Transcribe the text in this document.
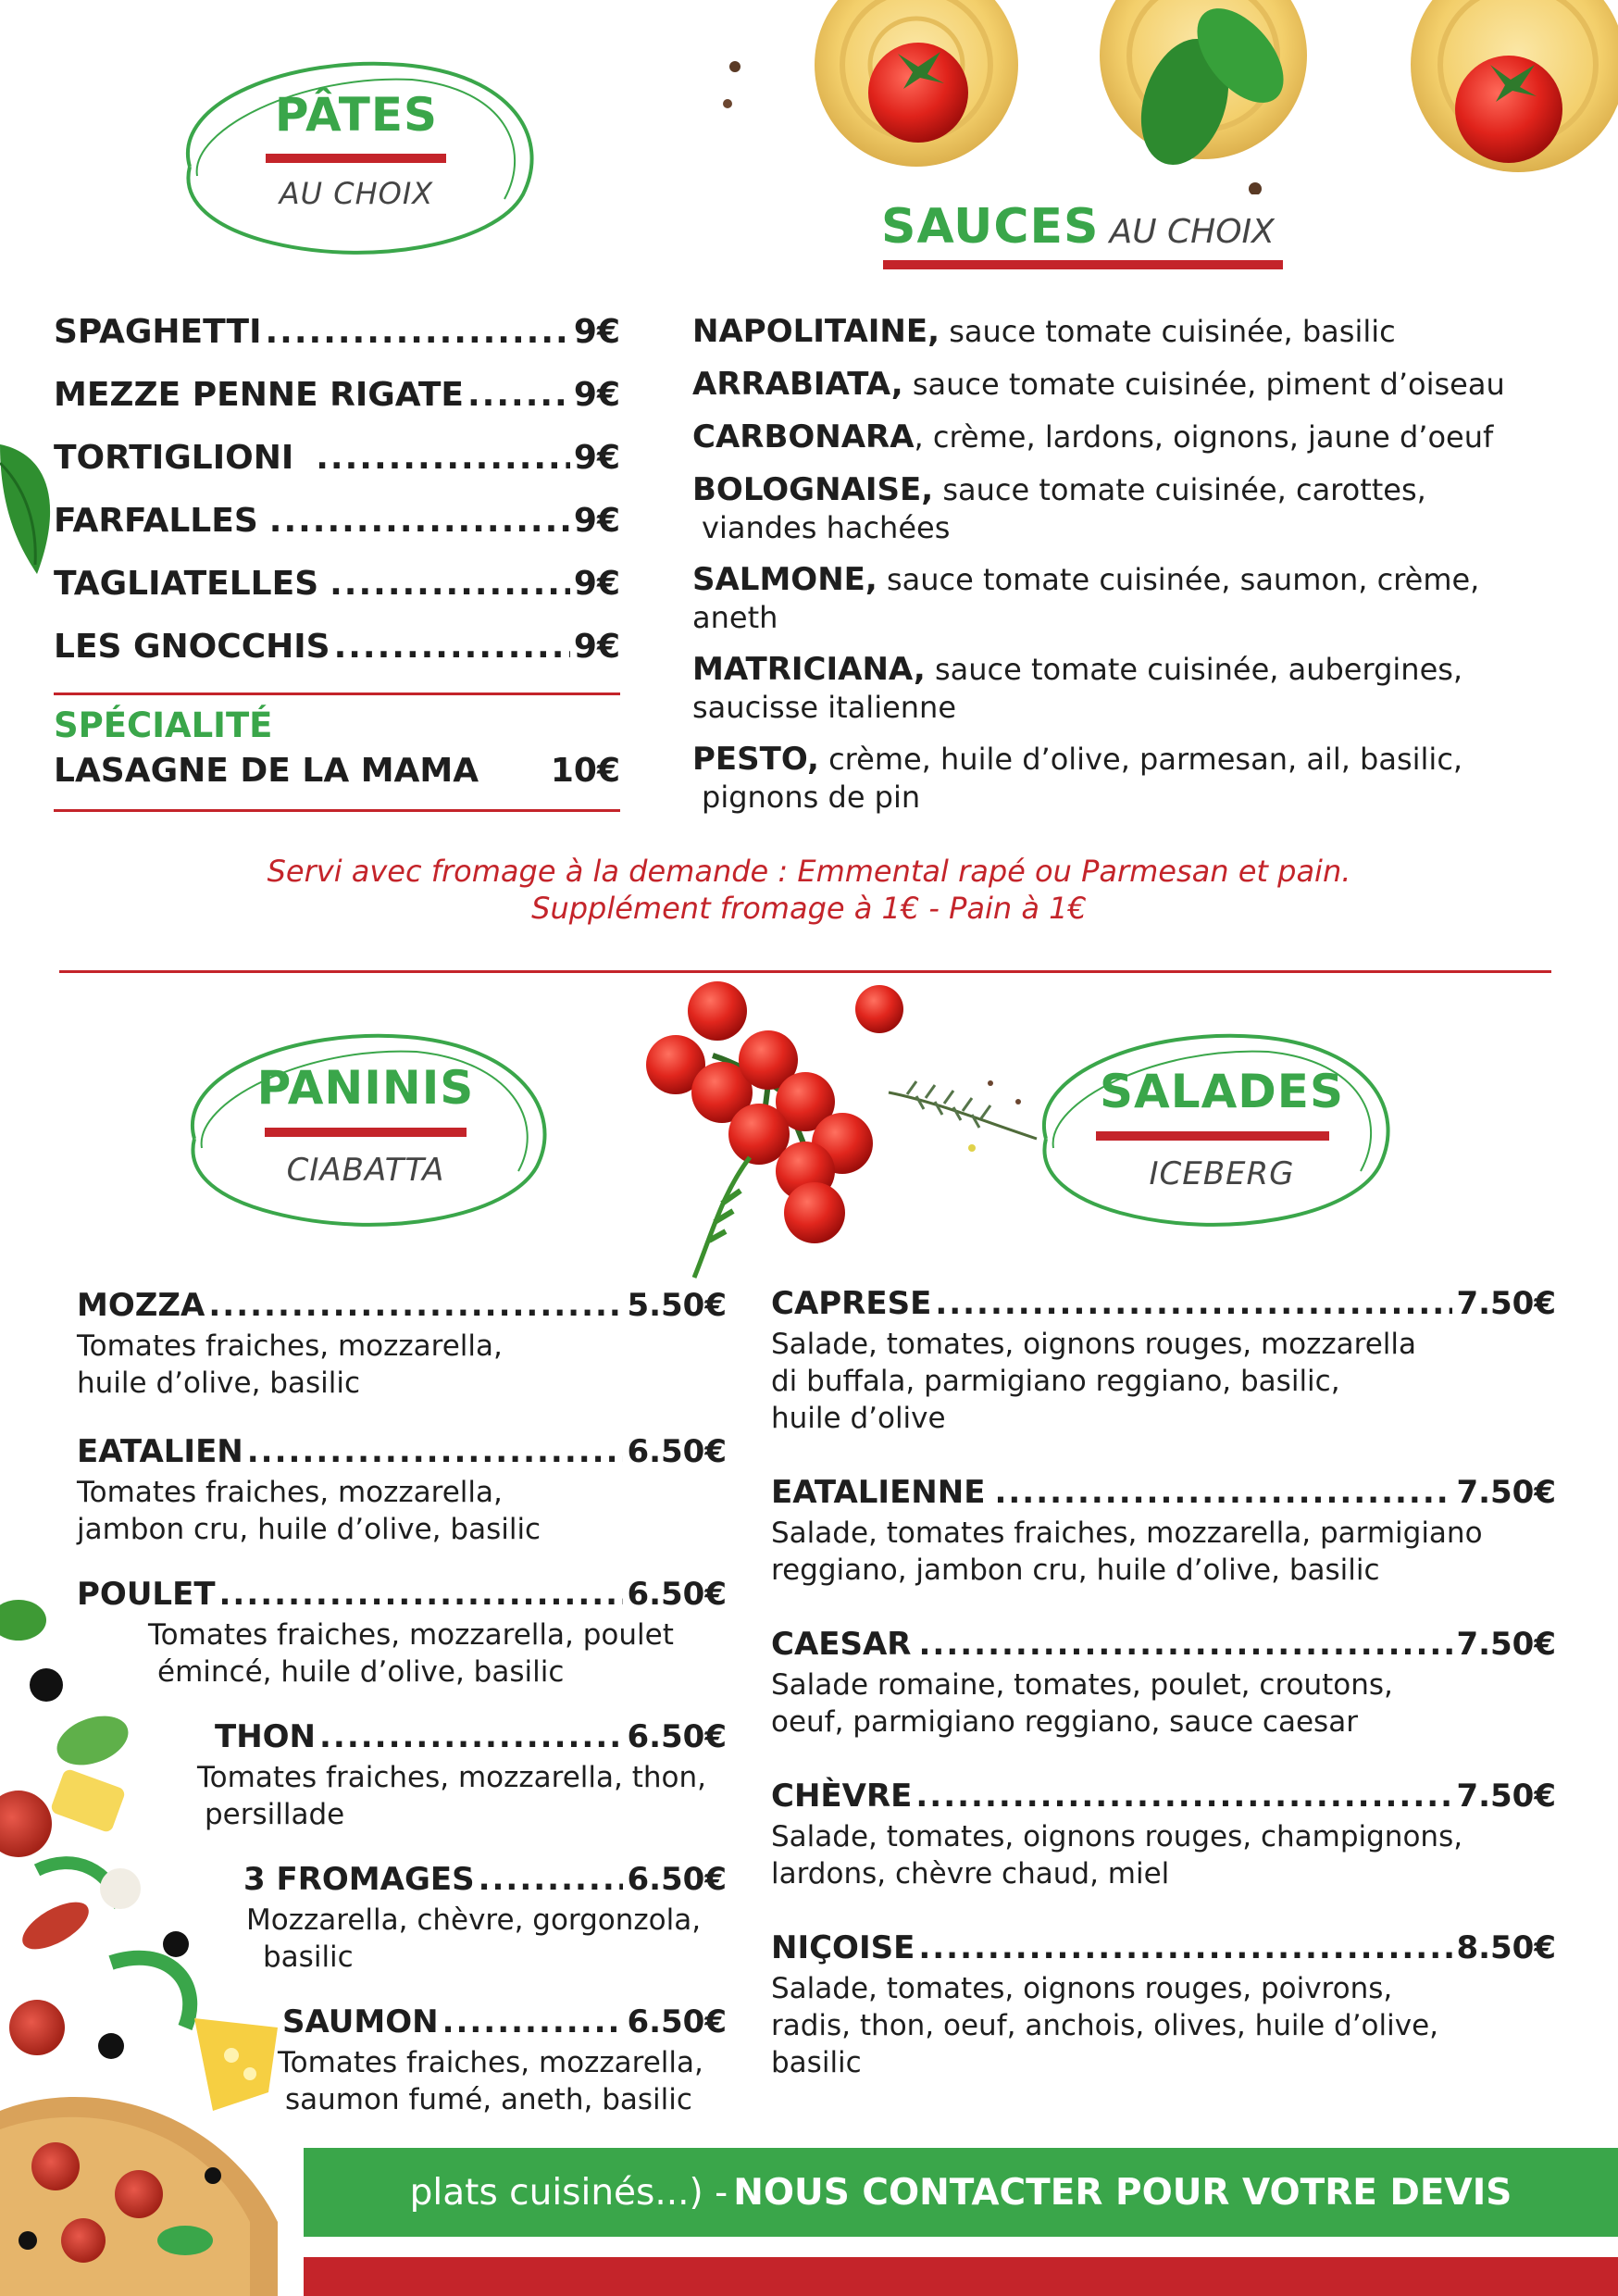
PÂTES
AU CHOIX
SAUCES AU CHOIX
SPAGHETTI .....	9€
MEZZE PENNE RIGATE .....	9€
TORTIGLIONI .....	9€
FARFALLES .....	9€
TAGLIATELLES .....	9€
LES GNOCCHIS .....	9€
SPÉCIALITÉ
LASAGNE DE LA MAMA 10€
NAPOLITAINE, sauce tomate cuisinée, basilic
ARRABIATA, sauce tomate cuisinée, piment d’oiseau
CARBONARA, crème, lardons, oignons, jaune d’oeuf
BOLOGNAISE, sauce tomate cuisinée, carottes,
viandes hachées
SALMONE, sauce tomate cuisinée, saumon, crème,
aneth
MATRICIANA, sauce tomate cuisinée, aubergines,
saucisse italienne
PESTO, crème, huile d’olive, parmesan, ail, basilic,
pignons de pin
Servi avec fromage à la demande : Emmental rapé ou Parmesan et pain.
Supplément fromage à 1€ - Pain à 1€
PANINIS
CIABATTA
SALADES
ICEBERG
MOZZA .....	5.50€
Tomates fraiches, mozzarella,
huile d’olive, basilic
EATALIEN .....	6.50€
Tomates fraiches, mozzarella,
jambon cru, huile d’olive, basilic
POULET .....	6.50€
Tomates fraiches, mozzarella, poulet
émincé, huile d’olive, basilic
THON .....	6.50€
Tomates fraiches, mozzarella, thon,
persillade
3 FROMAGES .....	6.50€
Mozzarella, chèvre, gorgonzola,
basilic
SAUMON .....	6.50€
Tomates fraiches, mozzarella,
saumon fumé, aneth, basilic
CAPRESE .....	7.50€
Salade, tomates, oignons rouges, mozzarella
di buffala, parmigiano reggiano, basilic,
huile d’olive
EATALIENNE .....	7.50€
Salade, tomates fraiches, mozzarella, parmigiano
reggiano, jambon cru, huile d’olive, basilic
CAESAR .....	7.50€
Salade romaine, tomates, poulet, croutons,
oeuf, parmigiano reggiano, sauce caesar
CHÈVRE .....	7.50€
Salade, tomates, oignons rouges, champignons,
lardons, chèvre chaud, miel
NIÇOISE .....	8.50€
Salade, tomates, oignons rouges, poivrons,
radis, thon, oeuf, anchois, olives, huile d’olive,
basilic
plats cuisinés...) - NOUS CONTACTER POUR VOTRE DEVIS
